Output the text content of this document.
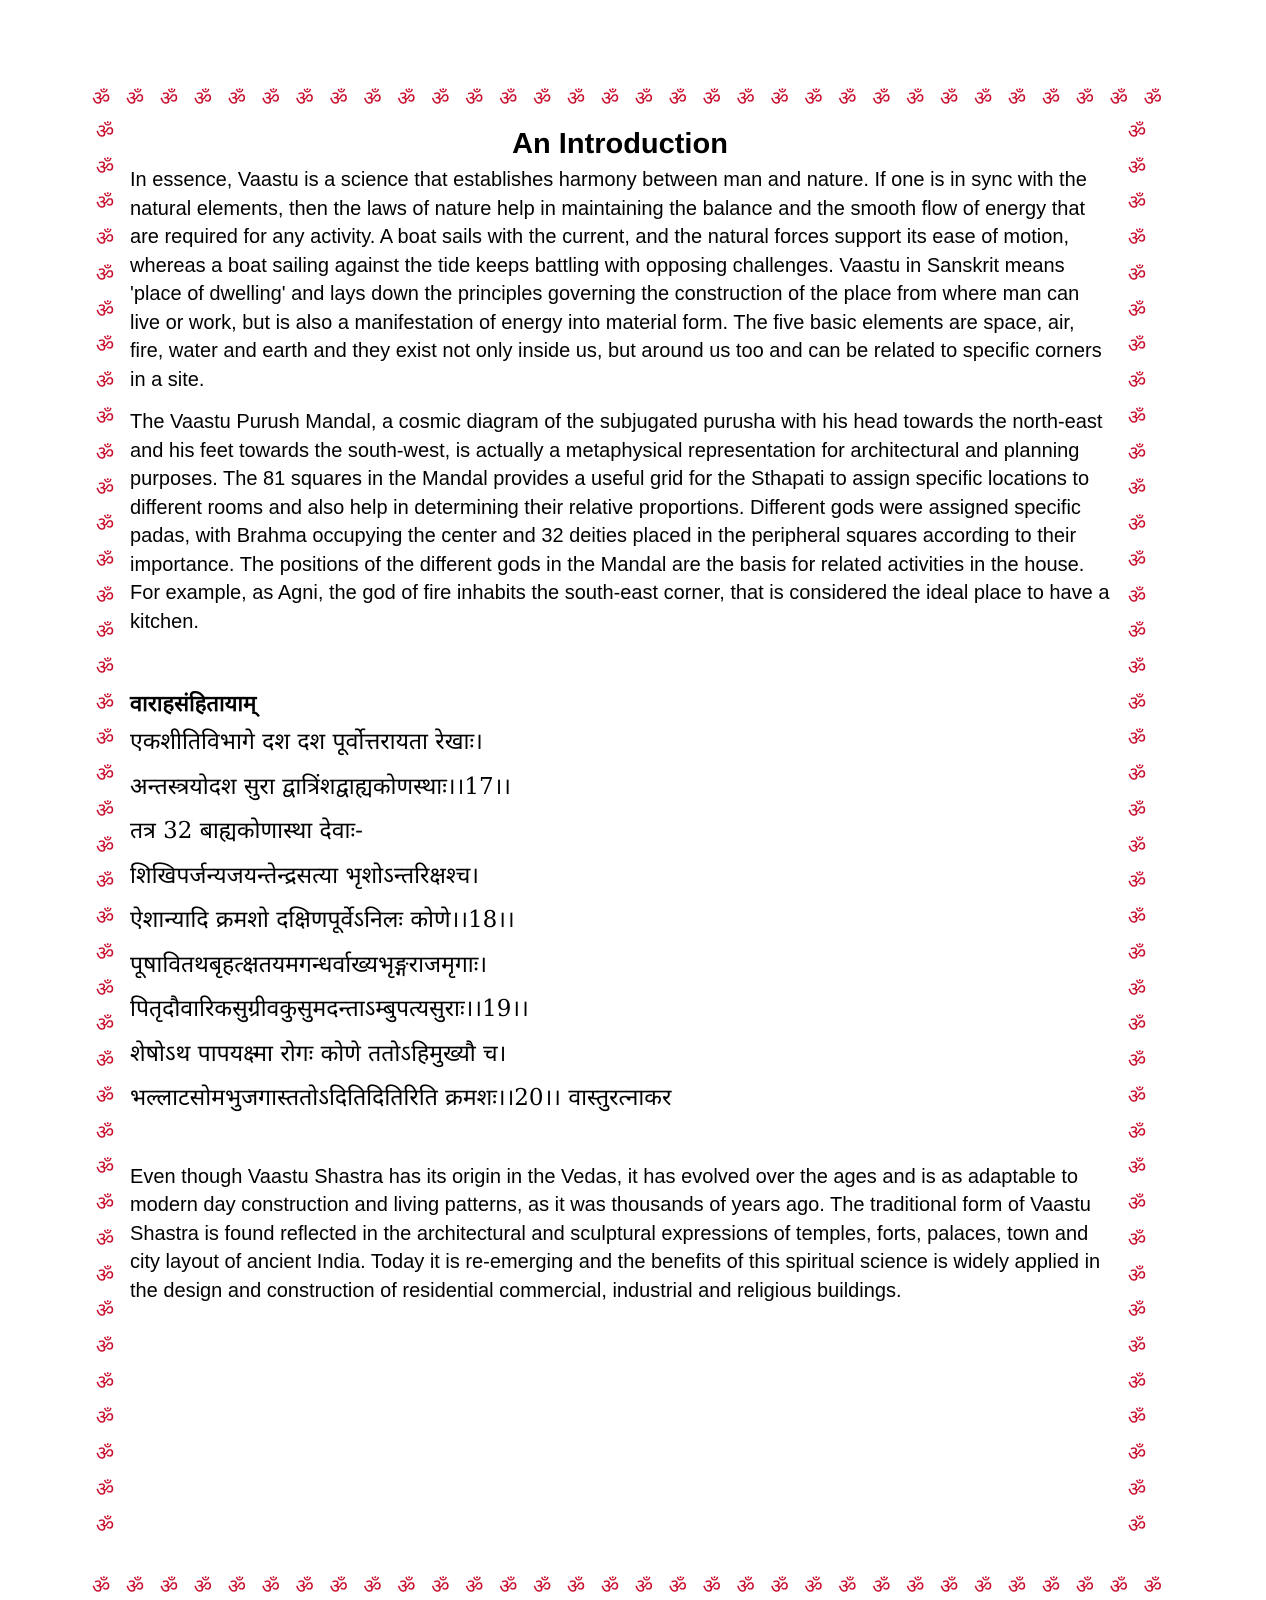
ॐ ॐ ॐ ॐ ॐ ॐ ॐ ॐ ॐ ॐ ॐ ॐ ॐ ॐ ॐ ॐ ॐ ॐ ॐ ॐ ॐ ॐ ॐ ॐ ॐ ॐ ॐ ॐ ॐ ॐ ॐ ॐ
ॐ
ॐ
ॐ
ॐ
ॐ
ॐ
ॐ
ॐ
ॐ
ॐ
ॐ
ॐ
ॐ
ॐ
ॐ
ॐ
ॐ
ॐ
ॐ
ॐ
ॐ
ॐ
ॐ
ॐ
ॐ
ॐ
ॐ
ॐ
ॐ
ॐ
ॐ
ॐ
ॐ
ॐ
ॐ
ॐ
ॐ
ॐ
ॐ
ॐ
ॐ
ॐ
ॐ
ॐ
ॐ
ॐ
ॐ
ॐ
ॐ
ॐ
ॐ
ॐ
ॐ
ॐ
ॐ
ॐ
ॐ
ॐ
ॐ
ॐ
ॐ
ॐ
ॐ
ॐ
ॐ
ॐ
ॐ
ॐ
ॐ
ॐ
ॐ
ॐ
ॐ
ॐ
ॐ
ॐ
ॐ
ॐ
ॐ
ॐ
ॐ ॐ ॐ ॐ ॐ ॐ ॐ ॐ ॐ ॐ ॐ ॐ ॐ ॐ ॐ ॐ ॐ ॐ ॐ ॐ ॐ ॐ ॐ ॐ ॐ ॐ ॐ ॐ ॐ ॐ ॐ ॐ
An Introduction

In essence, Vaastu is a science that establishes harmony between man and nature. If one is in sync with the natural elements, then the laws of nature help in maintaining the balance and the smooth flow of energy that are required for any activity. A boat sails with the current, and the natural forces support its ease of motion, whereas a boat sailing against the tide keeps battling with opposing challenges. Vaastu in Sanskrit means 'place of dwelling' and lays down the principles governing the construction of the place from where man can live or work, but is also a manifestation of energy into material form. The five basic elements are space, air, fire, water and earth and they exist not only inside us, but around us too and can be related to specific corners in a site.

The Vaastu Purush Mandal, a cosmic diagram of the subjugated purusha with his head towards the north-east and his feet towards the south-west, is actually a metaphysical representation for architectural and planning purposes. The 81 squares in the Mandal provides a useful grid for the Sthapati to assign specific locations to different rooms and also help in determining their relative proportions. Different gods were assigned specific padas, with Brahma occupying the center and 32 deities placed in the peripheral squares according to their importance. The positions of the different gods in the Mandal are the basis for related activities in the house. For example, as Agni, the god of fire inhabits the south-east corner, that is considered the ideal place to have a kitchen.

वाराहसंहितायाम्
एकशीतिविभागे दश दश पूर्वोत्तरायता रेखाः।
अन्तस्त्रयोदश सुरा द्वात्रिंशद्वाह्यकोणस्थाः।।17।।
तत्र 32 बाह्यकोणास्था देवाः-
शिखिपर्जन्यजयन्तेन्द्रसत्या भृशोऽन्तरिक्षश्च।
ऐशान्यादि क्रमशो दक्षिणपूर्वेऽनिलः कोणे।।18।।
पूषावितथबृहत्क्षतयमगन्धर्वाख्यभृङ्गराजमृगाः।
पितृदौवारिकसुग्रीवकुसुमदन्ताऽम्बुपत्यसुराः।।19।।
शेषोऽथ पापयक्ष्मा रोगः कोणे ततोऽहिमुख्यौ च।
भल्लाटसोमभुजगास्ततोऽदितिदितिरिति क्रमशः।।20।। वास्तुरत्नाकर

Even though Vaastu Shastra has its origin in the Vedas, it has evolved over the ages and is as adaptable to modern day construction and living patterns, as it was thousands of years ago. The traditional form of Vaastu Shastra is found reflected in the architectural and sculptural expressions of temples, forts, palaces, town and city layout of ancient India. Today it is re-emerging and the benefits of this spiritual science is widely applied in the design and construction of residential commercial, industrial and religious buildings.
